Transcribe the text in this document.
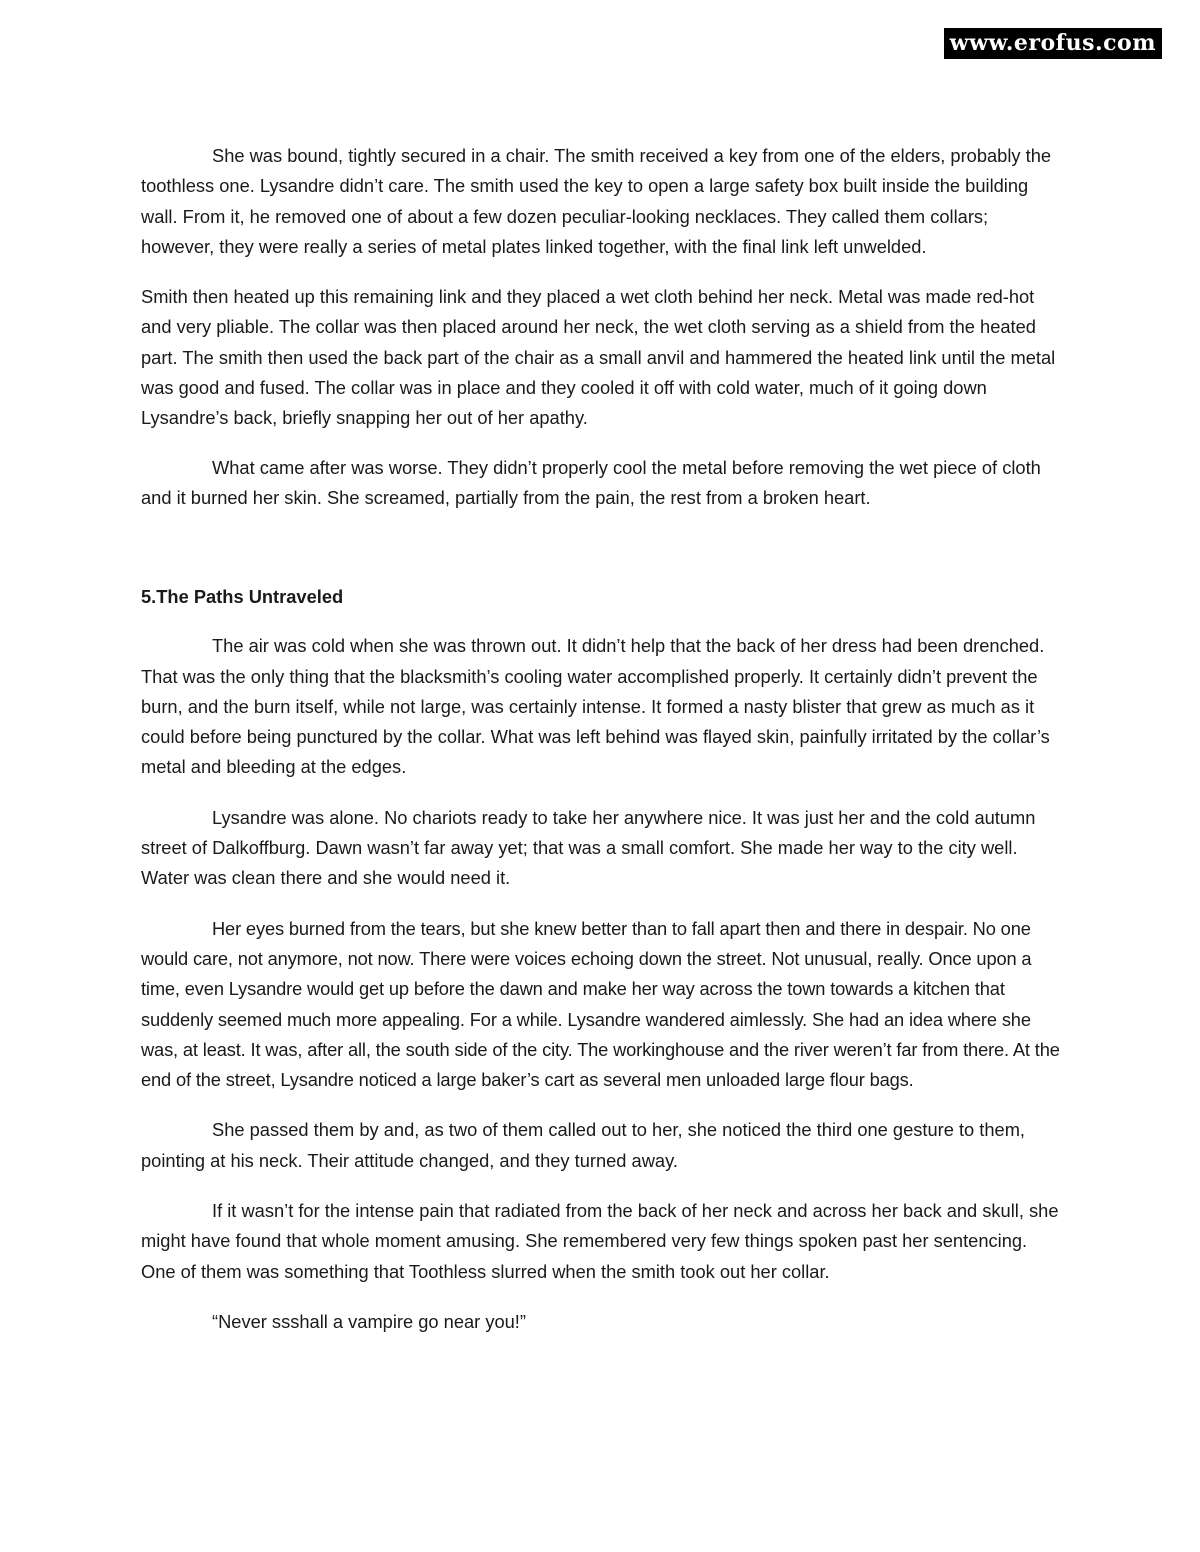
www.erofus.com

She was bound, tightly secured in a chair. The smith received a key from one of the elders, probably the toothless one. Lysandre didn’t care. The smith used the key to open a large safety box built inside the building wall. From it, he removed one of about a few dozen peculiar-looking necklaces. They called them collars; however, they were really a series of metal plates linked together, with the final link left unwelded.

Smith then heated up this remaining link and they placed a wet cloth behind her neck. Metal was made red-hot and very pliable. The collar was then placed around her neck, the wet cloth serving as a shield from the heated part. The smith then used the back part of the chair as a small anvil and hammered the heated link until the metal was good and fused. The collar was in place and they cooled it off with cold water, much of it going down Lysandre’s back, briefly snapping her out of her apathy.

What came after was worse. They didn’t properly cool the metal before removing the wet piece of cloth and it burned her skin. She screamed, partially from the pain, the rest from a broken heart.

5.The Paths Untraveled

The air was cold when she was thrown out. It didn’t help that the back of her dress had been drenched. That was the only thing that the blacksmith’s cooling water accomplished properly. It certainly didn’t prevent the burn, and the burn itself, while not large, was certainly intense. It formed a nasty blister that grew as much as it could before being punctured by the collar. What was left behind was flayed skin, painfully irritated by the collar’s metal and bleeding at the edges.

Lysandre was alone. No chariots ready to take her anywhere nice. It was just her and the cold autumn street of Dalkoffburg. Dawn wasn’t far away yet; that was a small comfort. She made her way to the city well. Water was clean there and she would need it.

Her eyes burned from the tears, but she knew better than to fall apart then and there in despair. No one would care, not anymore, not now. There were voices echoing down the street. Not unusual, really. Once upon a time, even Lysandre would get up before the dawn and make her way across the town towards a kitchen that suddenly seemed much more appealing. For a while. Lysandre wandered aimlessly. She had an idea where she was, at least. It was, after all, the south side of the city. The workinghouse and the river weren’t far from there. At the end of the street, Lysandre noticed a large baker’s cart as several men unloaded large flour bags.

She passed them by and, as two of them called out to her, she noticed the third one gesture to them, pointing at his neck. Their attitude changed, and they turned away.

If it wasn’t for the intense pain that radiated from the back of her neck and across her back and skull, she might have found that whole moment amusing. She remembered very few things spoken past her sentencing. One of them was something that Toothless slurred when the smith took out her collar.

“Never ssshall a vampire go near you!”
